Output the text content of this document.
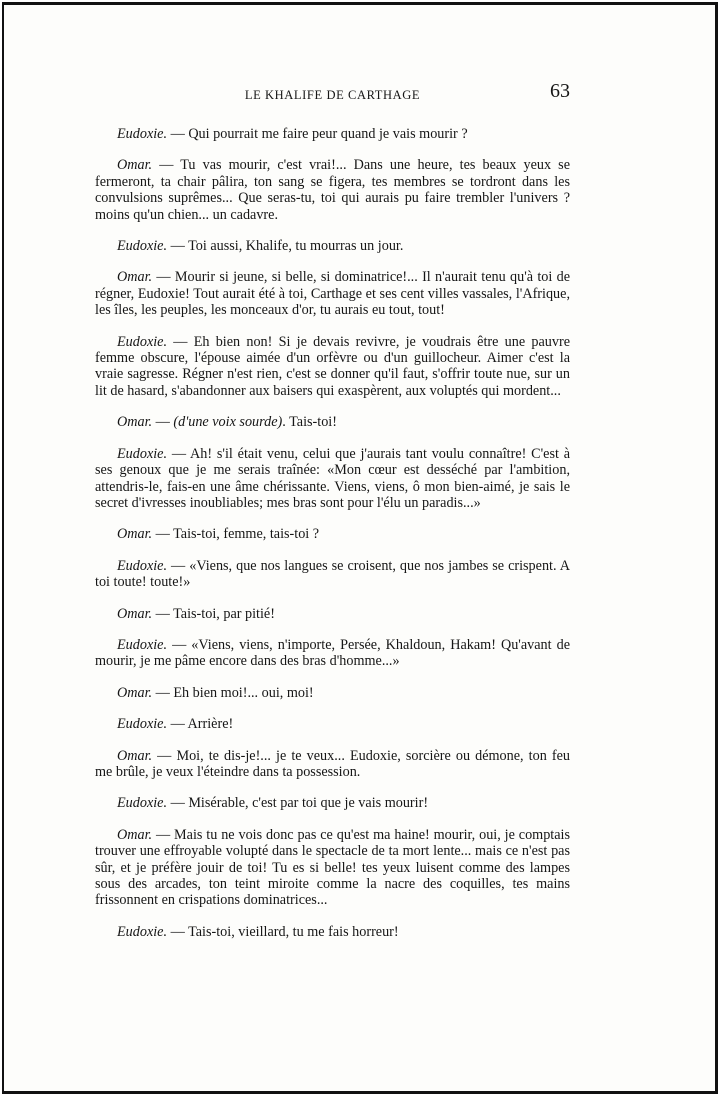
LE KHALIFE DE CARTHAGE	63

Eudoxie. — Qui pourrait me faire peur quand je vais mourir ?

Omar. — Tu vas mourir, c'est vrai!... Dans une heure, tes beaux yeux se fermeront, ta chair pâlira, ton sang se figera, tes membres se tordront dans les convulsions suprêmes... Que seras-tu, toi qui aurais pu faire trembler l'univers ? moins qu'un chien... un cadavre.

Eudoxie. — Toi aussi, Khalife, tu mourras un jour.

Omar. — Mourir si jeune, si belle, si dominatrice!... Il n'aurait tenu qu'à toi de régner, Eudoxie! Tout aurait été à toi, Carthage et ses cent villes vassales, l'Afrique, les îles, les peuples, les monceaux d'or, tu aurais eu tout, tout!

Eudoxie. — Eh bien non! Si je devais revivre, je voudrais être une pauvre femme obscure, l'épouse aimée d'un orfèvre ou d'un guillocheur. Aimer c'est la vraie sagresse. Régner n'est rien, c'est se donner qu'il faut, s'offrir toute nue, sur un lit de hasard, s'abandonner aux baisers qui exaspèrent, aux voluptés qui mordent...

Omar. — (d'une voix sourde). Tais-toi!

Eudoxie. — Ah! s'il était venu, celui que j'aurais tant voulu connaître! C'est à ses genoux que je me serais traînée: «Mon cœur est desséché par l'ambition, attendris-le, fais-en une âme chérissante. Viens, viens, ô mon bien-aimé, je sais le secret d'ivresses inoubliables; mes bras sont pour l'élu un paradis...»

Omar. — Tais-toi, femme, tais-toi ?

Eudoxie. — «Viens, que nos langues se croisent, que nos jambes se crispent. A toi toute! toute!»

Omar. — Tais-toi, par pitié!

Eudoxie. — «Viens, viens, n'importe, Persée, Khaldoun, Hakam! Qu'avant de mourir, je me pâme encore dans des bras d'homme...»

Omar. — Eh bien moi!... oui, moi!

Eudoxie. — Arrière!

Omar. — Moi, te dis-je!... je te veux... Eudoxie, sorcière ou démone, ton feu me brûle, je veux l'éteindre dans ta possession.

Eudoxie. — Misérable, c'est par toi que je vais mourir!

Omar. — Mais tu ne vois donc pas ce qu'est ma haine! mourir, oui, je comptais trouver une effroyable volupté dans le spectacle de ta mort lente... mais ce n'est pas sûr, et je préfère jouir de toi! Tu es si belle! tes yeux luisent comme des lampes sous des arcades, ton teint miroite comme la nacre des coquilles, tes mains frissonnent en crispations dominatrices...

Eudoxie. — Tais-toi, vieillard, tu me fais horreur!
